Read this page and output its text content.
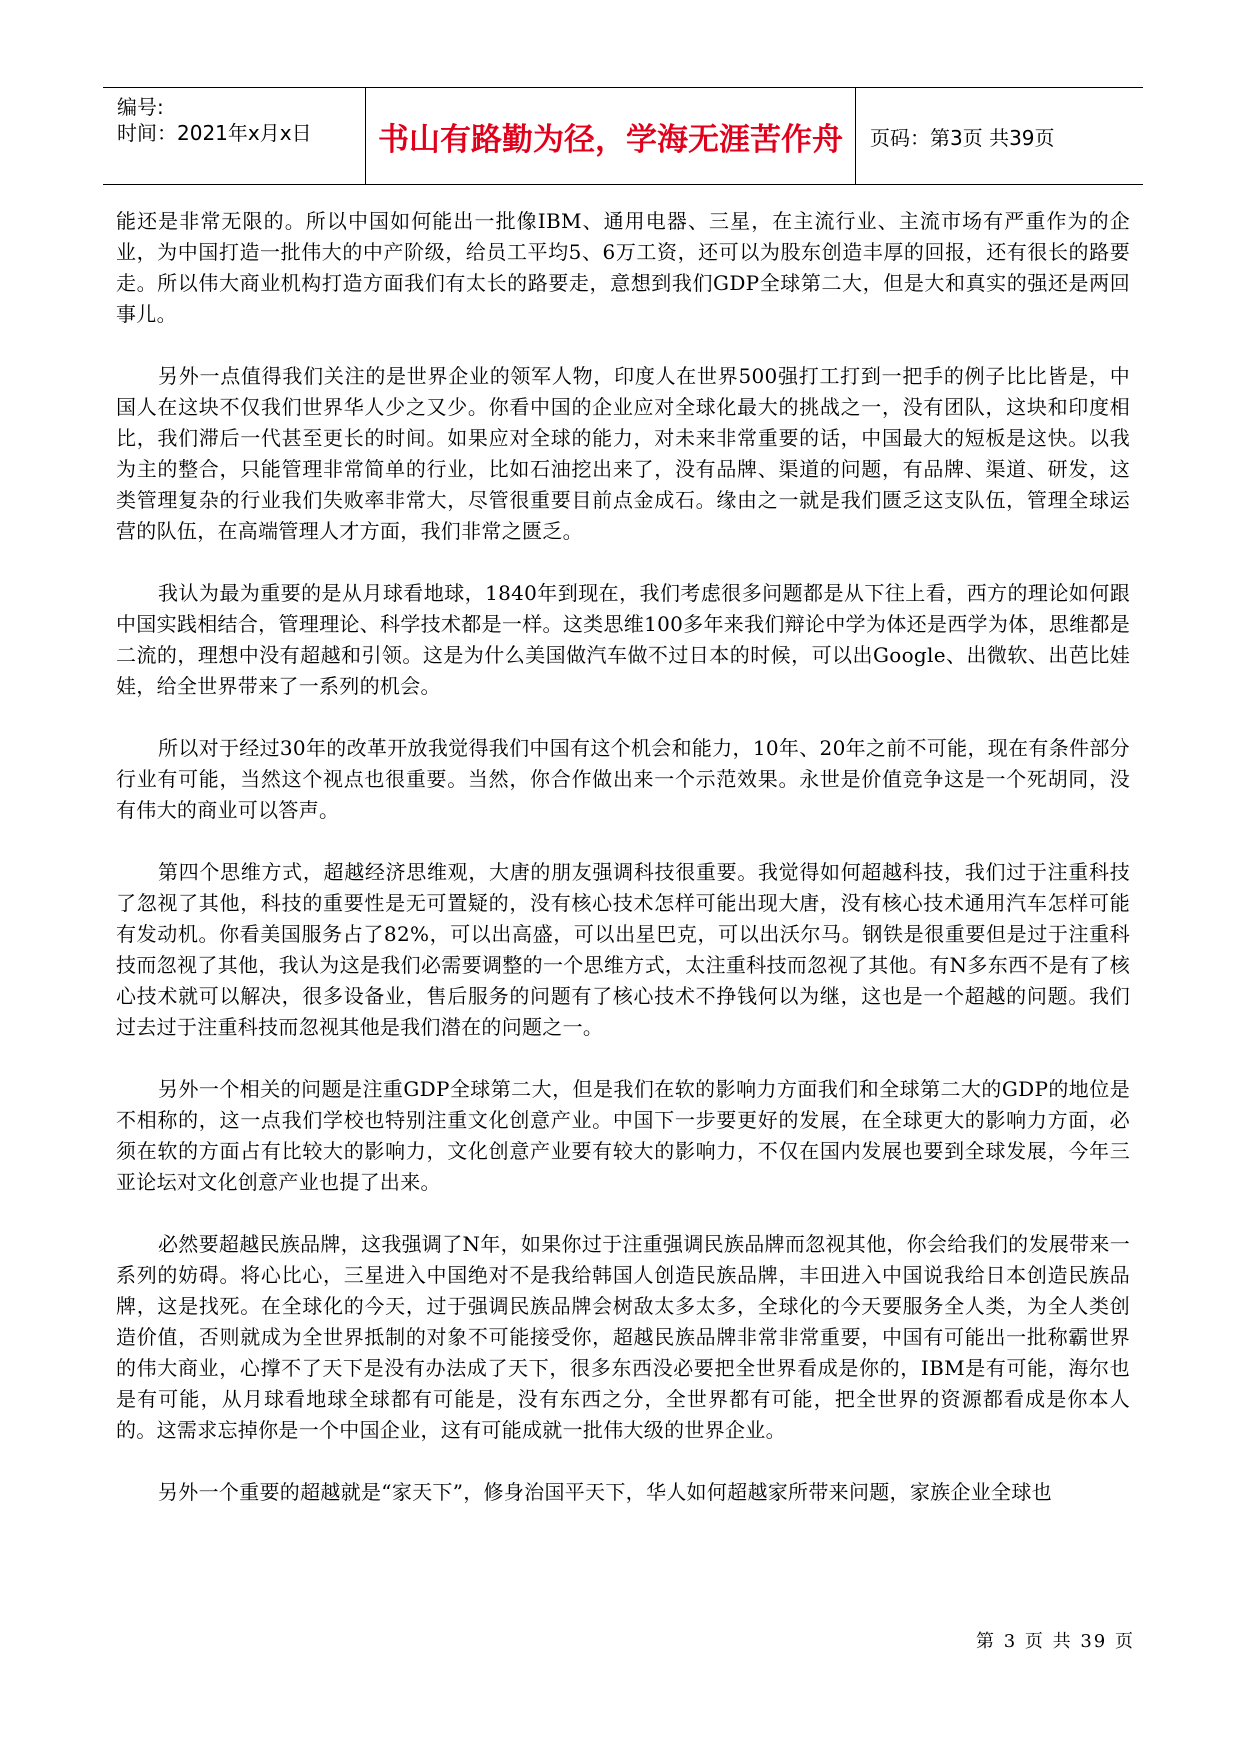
编号:
时间：2021年x月x日	书山有路勤为径，学海无涯苦作舟	页码：第3页 共39页

能还是非常无限的。所以中国如何能出一批像IBM、通用电器、三星，在主流行业、主流市场有严重作为的企业，为中国打造一批伟大的中产阶级，给员工平均5、6万工资，还可以为股东创造丰厚的回报，还有很长的路要走。所以伟大商业机构打造方面我们有太长的路要走，意想到我们GDP全球第二大，但是大和真实的强还是两回事儿。

另外一点值得我们关注的是世界企业的领军人物，印度人在世界500强打工打到一把手的例子比比皆是，中国人在这块不仅我们世界华人少之又少。你看中国的企业应对全球化最大的挑战之一，没有团队，这块和印度相比，我们滞后一代甚至更长的时间。如果应对全球的能力，对未来非常重要的话，中国最大的短板是这快。以我为主的整合，只能管理非常简单的行业，比如石油挖出来了，没有品牌、渠道的问题，有品牌、渠道、研发，这类管理复杂的行业我们失败率非常大，尽管很重要目前点金成石。缘由之一就是我们匮乏这支队伍，管理全球运营的队伍，在高端管理人才方面，我们非常之匮乏。

我认为最为重要的是从月球看地球，1840年到现在，我们考虑很多问题都是从下往上看，西方的理论如何跟中国实践相结合，管理理论、科学技术都是一样。这类思维100多年来我们辩论中学为体还是西学为体，思维都是二流的，理想中没有超越和引领。这是为什么美国做汽车做不过日本的时候，可以出Google、出微软、出芭比娃娃，给全世界带来了一系列的机会。

所以对于经过30年的改革开放我觉得我们中国有这个机会和能力，10年、20年之前不可能，现在有条件部分行业有可能，当然这个视点也很重要。当然，你合作做出来一个示范效果。永世是价值竞争这是一个死胡同，没有伟大的商业可以答声。

第四个思维方式，超越经济思维观，大唐的朋友强调科技很重要。我觉得如何超越科技，我们过于注重科技了忽视了其他，科技的重要性是无可置疑的，没有核心技术怎样可能出现大唐，没有核心技术通用汽车怎样可能有发动机。你看美国服务占了82%，可以出高盛，可以出星巴克，可以出沃尔马。钢铁是很重要但是过于注重科技而忽视了其他，我认为这是我们必需要调整的一个思维方式，太注重科技而忽视了其他。有N多东西不是有了核心技术就可以解决，很多设备业，售后服务的问题有了核心技术不挣钱何以为继，这也是一个超越的问题。我们过去过于注重科技而忽视其他是我们潜在的问题之一。

另外一个相关的问题是注重GDP全球第二大，但是我们在软的影响力方面我们和全球第二大的GDP的地位是不相称的，这一点我们学校也特别注重文化创意产业。中国下一步要更好的发展，在全球更大的影响力方面，必须在软的方面占有比较大的影响力，文化创意产业要有较大的影响力，不仅在国内发展也要到全球发展，今年三亚论坛对文化创意产业也提了出来。

必然要超越民族品牌，这我强调了N年，如果你过于注重强调民族品牌而忽视其他，你会给我们的发展带来一系列的妨碍。将心比心，三星进入中国绝对不是我给韩国人创造民族品牌，丰田进入中国说我给日本创造民族品牌，这是找死。在全球化的今天，过于强调民族品牌会树敌太多太多，全球化的今天要服务全人类，为全人类创造价值，否则就成为全世界抵制的对象不可能接受你，超越民族品牌非常非常重要，中国有可能出一批称霸世界的伟大商业，心撑不了天下是没有办法成了天下，很多东西没必要把全世界看成是你的，IBM是有可能，海尔也是有可能，从月球看地球全球都有可能是，没有东西之分，全世界都有可能，把全世界的资源都看成是你本人的。这需求忘掉你是一个中国企业，这有可能成就一批伟大级的世界企业。

另外一个重要的超越就是“家天下”，修身治国平天下，华人如何超越家所带来问题，家族企业全球也

第 3 页 共 39 页
